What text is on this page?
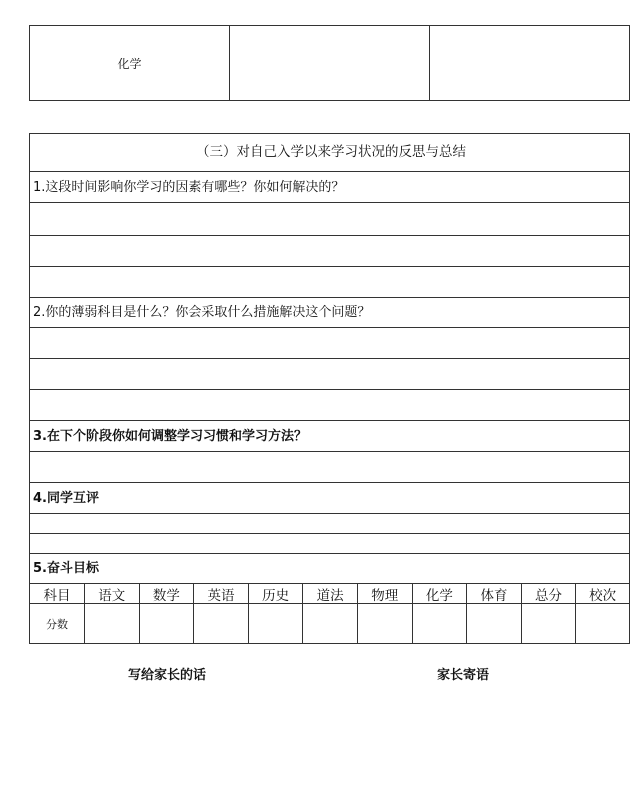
化学
（三）对自己入学以来学习状况的反思与总结
1.这段时间影响你学习的因素有哪些？你如何解决的？
2.你的薄弱科目是什么？你会采取什么措施解决这个问题？
3.在下个阶段你如何调整学习习惯和学习方法？
4.同学互评
5.奋斗目标
科目	语文	数学	英语	历史	道法	物理	化学	体育	总分	校次
分数
写给家长的话	家长寄语
